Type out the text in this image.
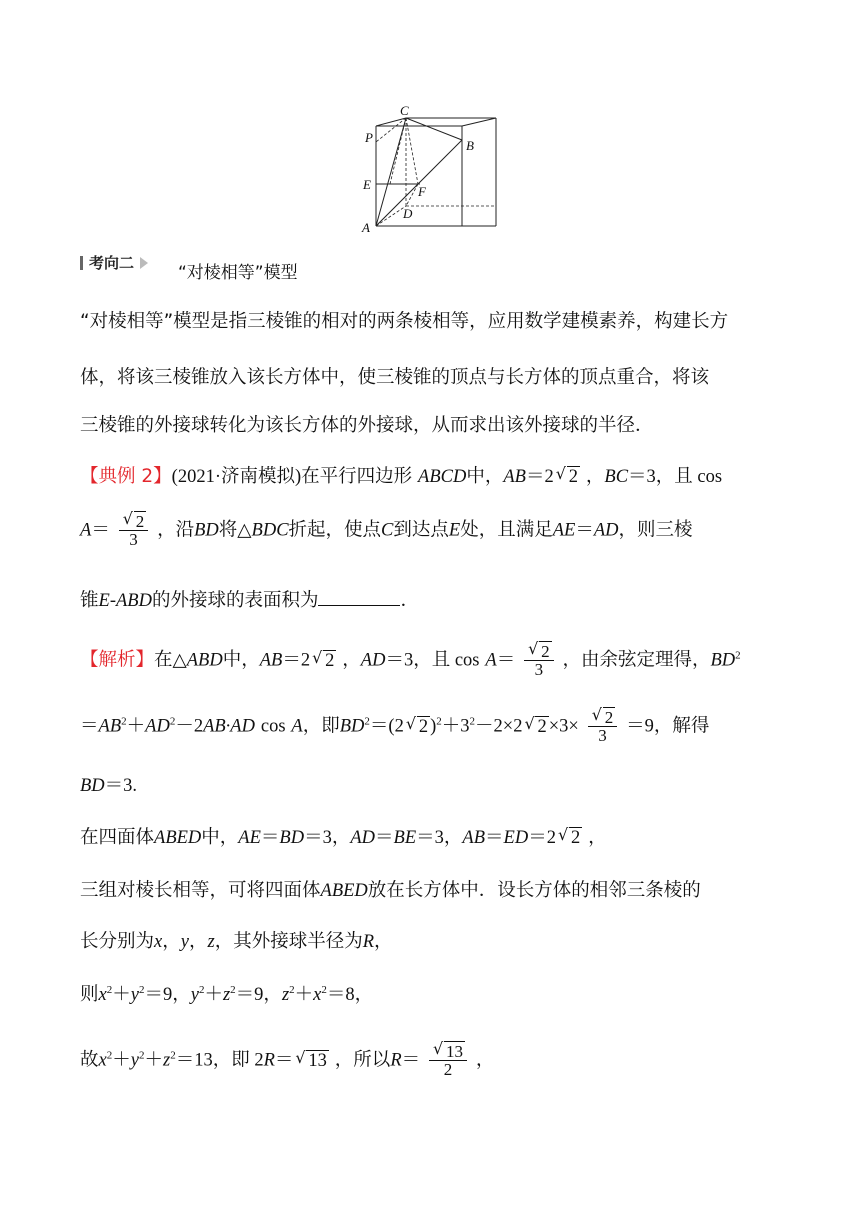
C
P
B
E	F
D
A
考向二	“对棱相等”模型
“对棱相等”模型是指三棱锥的相对的两条棱相等，应用数学建模素养，构建长方
体，将该三棱锥放入该长方体中，使三棱锥的顶点与长方体的顶点重合，将该
三棱锥的外接球转化为该长方体的外接球，从而求出该外接球的半径．
【典例 2】(2021·济南模拟)在平行四边形 ABCD中，AB＝2√ 2 ，BC＝3，且 cos
A＝
√ $\frac{2}{3}$ ，沿BD将△BDC折起，使点C到达点E处，且满足AE＝AD，则三棱
锥E-ABD的外接球的表面积为	．
【解析】在△ABD中，AB＝2√ 2 ，AD＝3，且 cos A＝
√ $\frac{2}{3}$ ，由余弦定理得，$BD^2$
$=AB^2+AD^2-2AB\cdot AD$ cos A，即$BD^2=(2√$ 2 )$^2+3^2-2\times 2√$ 2 ×3×
√ $\frac{2}{3} =9$，解得
BD＝3.
在四面体ABED中，AE＝BD＝3，AD＝BE＝3，AB＝ED＝2√ 2 ，
三组对棱长相等，可将四面体ABED放在长方体中．设长方体的相邻三条棱的
长分别为x，y，z，其外接球半径为R，
则$x^2+y^2=9$，$y^2+z^2=9$，$z^2+x^2=8$，
故$x^2+y^2+z^2=13$，即 2R＝√ 13 ，所以R＝
√ $\frac{13}{2}$ ，
